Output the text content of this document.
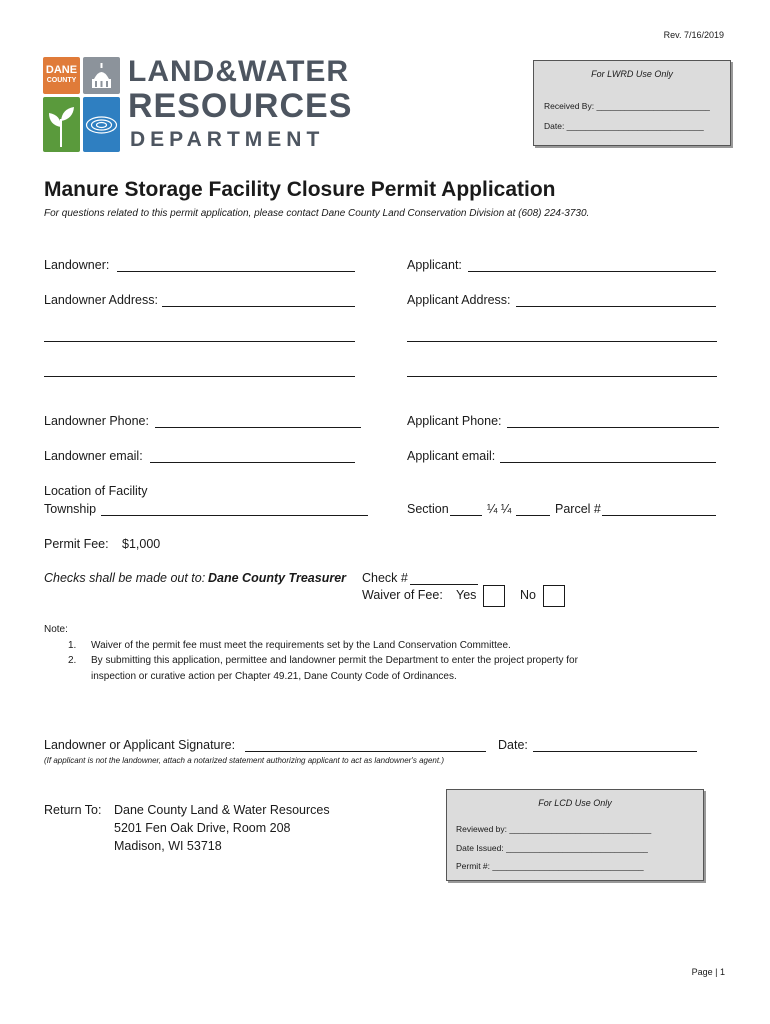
Rev. 7/16/2019
DANE
COUNTY LAND&WATER
RESOURCES
DEPARTMENT
For LWRD Use Only
Received By: ________________________
Date: _____________________________
Manure Storage Facility Closure Permit Application
For questions related to this permit application, please contact Dane County Land Conservation Division at (608) 224-3730.
Landowner:	Applicant:
Landowner Address:	Applicant Address:
Landowner Phone:	Applicant Phone:
Landowner email:	Applicant email:
Location of Facility
Township	Section	¼ ¼	Parcel #
Permit Fee: $1,000
Checks shall be made out to: Dane County Treasurer Check #
Waiver of Fee: Yes	No
Note:
1. Waiver of the permit fee must meet the requirements set by the Land Conservation Committee.
2. By submitting this application, permittee and landowner permit the Department to enter the project property for
inspection or curative action per Chapter 49.21, Dane County Code of Ordinances.
Landowner or Applicant Signature:	Date:
(If applicant is not the landowner, attach a notarized statement authorizing applicant to act as landowner's agent.)
Return To: Dane County Land & Water Resources
5201 Fen Oak Drive, Room 208
Madison, WI 53718
For LCD Use Only
Reviewed by: ______________________________
Date Issued: ______________________________
Permit #: ________________________________
Page | 1
